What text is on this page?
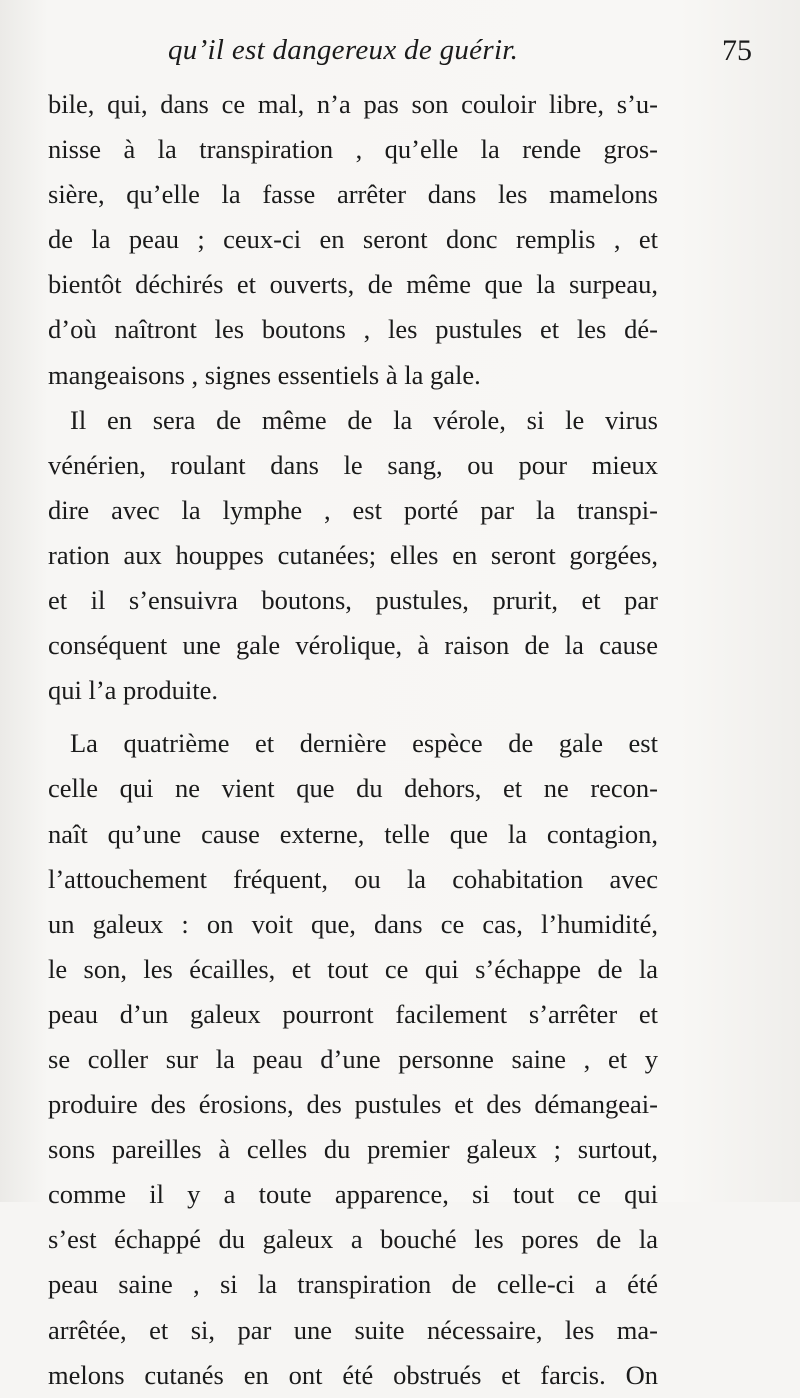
qu’il est dangereux de guérir.	75
bile, qui, dans ce mal, n’a pas son couloir libre, s’u-
nisse à la transpiration , qu’elle la rende gros-
sière, qu’elle la fasse arrêter dans les mamelons
de la peau ; ceux-ci en seront donc remplis , et
bientôt déchirés et ouverts, de même que la surpeau,
d’où naîtront les boutons , les pustules et les dé-
mangeaisons , signes essentiels à la gale.
Il en sera de même de la vérole, si le virus
vénérien, roulant dans le sang, ou pour mieux
dire avec la lymphe , est porté par la transpi-
ration aux houppes cutanées; elles en seront gorgées,
et il s’ensuivra boutons, pustules, prurit, et par
conséquent une gale vérolique, à raison de la cause
qui l’a produite.
La quatrième et dernière espèce de gale est
celle qui ne vient que du dehors, et ne recon-
naît qu’une cause externe, telle que la contagion,
l’attouchement fréquent, ou la cohabitation avec
un galeux : on voit que, dans ce cas, l’humidité,
le son, les écailles, et tout ce qui s’échappe de la
peau d’un galeux pourront facilement s’arrêter et
se coller sur la peau d’une personne saine , et y
produire des érosions, des pustules et des démangeai-
sons pareilles à celles du premier galeux ; surtout,
comme il y a toute apparence, si tout ce qui
s’est échappé du galeux a bouché les pores de la
peau saine , si la transpiration de celle-ci a été
arrêtée, et si, par une suite nécessaire, les ma-
melons cutanés en ont été obstrués et farcis. On
